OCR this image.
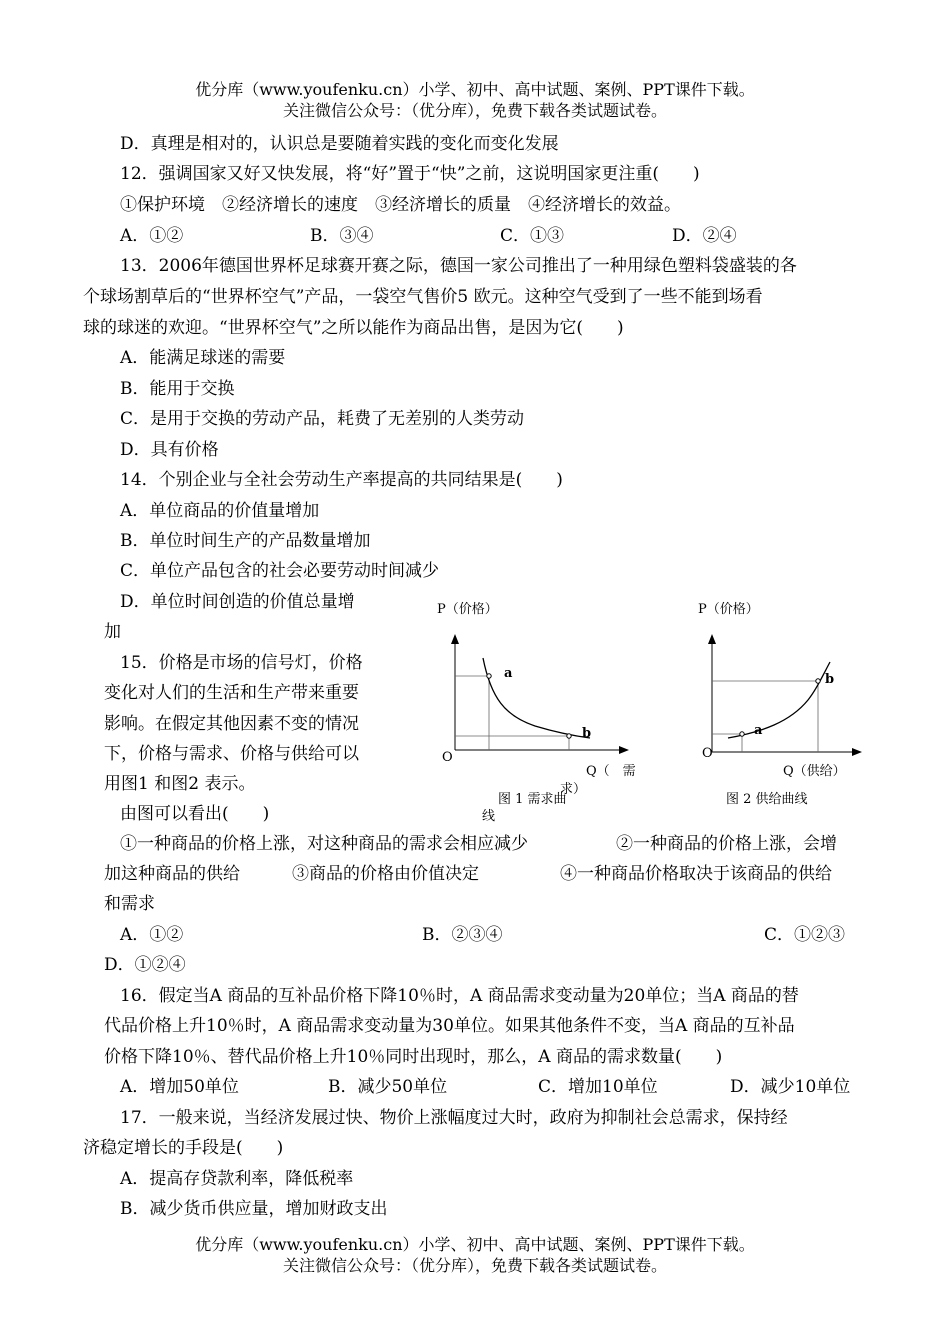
优分库（www.youfenku.cn）小学、初中、高中试题、案例、PPT课件下载。
关注微信公众号：（优分库），免费下载各类试题试卷。
D．真理是相对的，认识总是要随着实践的变化而变化发展
12．强调国家又好又快发展，将“好”置于“快”之前，这说明国家更注重(　　)
①保护环境　②经济增长的速度　③经济增长的质量　④经济增长的效益。
A．①②	B．③④	C．①③	D．②④
13．2006年德国世界杯足球赛开赛之际，德国一家公司推出了一种用绿色塑料袋盛装的各
个球场割草后的“世界杯空气”产品，一袋空气售价5 欧元。这种空气受到了一些不能到场看
球的球迷的欢迎。“世界杯空气”之所以能作为商品出售，是因为它(　　)
A．能满足球迷的需要
B．能用于交换
C．是用于交换的劳动产品，耗费了无差别的人类劳动
D．具有价格
14．个别企业与全社会劳动生产率提高的共同结果是(　　)
A．单位商品的价值量增加
B．单位时间生产的产品数量增加
C．单位产品包含的社会必要劳动时间减少
D．单位时间创造的价值总量增
加
15．价格是市场的信号灯，价格
变化对人们的生活和生产带来重要
影响。在假定其他因素不变的情况
下，价格与需求、价格与供给可以
用图1 和图2 表示。
由图可以看出(　　)
P（价格）
a
b
O
Q（　需
求）
图 1 需求曲
线
P（价格）
a
b
O
Q（供给）
图 2 供给曲线
①一种商品的价格上涨，对这种商品的需求会相应减少	②一种商品的价格上涨，会增
加这种商品的供给	③商品的价格由价值决定	④一种商品价格取决于该商品的供给
和需求
A．①②	B．②③④	C．①②③
D．①②④
16．假定当A 商品的互补品价格下降10％时，A 商品需求变动量为20单位；当A 商品的替
代品价格上升10％时，A 商品需求变动量为30单位。如果其他条件不变，当A 商品的互补品
价格下降10％、替代品价格上升10％同时出现时，那么，A 商品的需求数量(　　)
A．增加50单位	B．减少50单位	C．增加10单位	D．减少10单位
17．一般来说，当经济发展过快、物价上涨幅度过大时，政府为抑制社会总需求，保持经
济稳定增长的手段是(　　)
A．提高存贷款利率，降低税率
B．减少货币供应量，增加财政支出
优分库（www.youfenku.cn）小学、初中、高中试题、案例、PPT课件下载。
关注微信公众号：（优分库），免费下载各类试题试卷。
